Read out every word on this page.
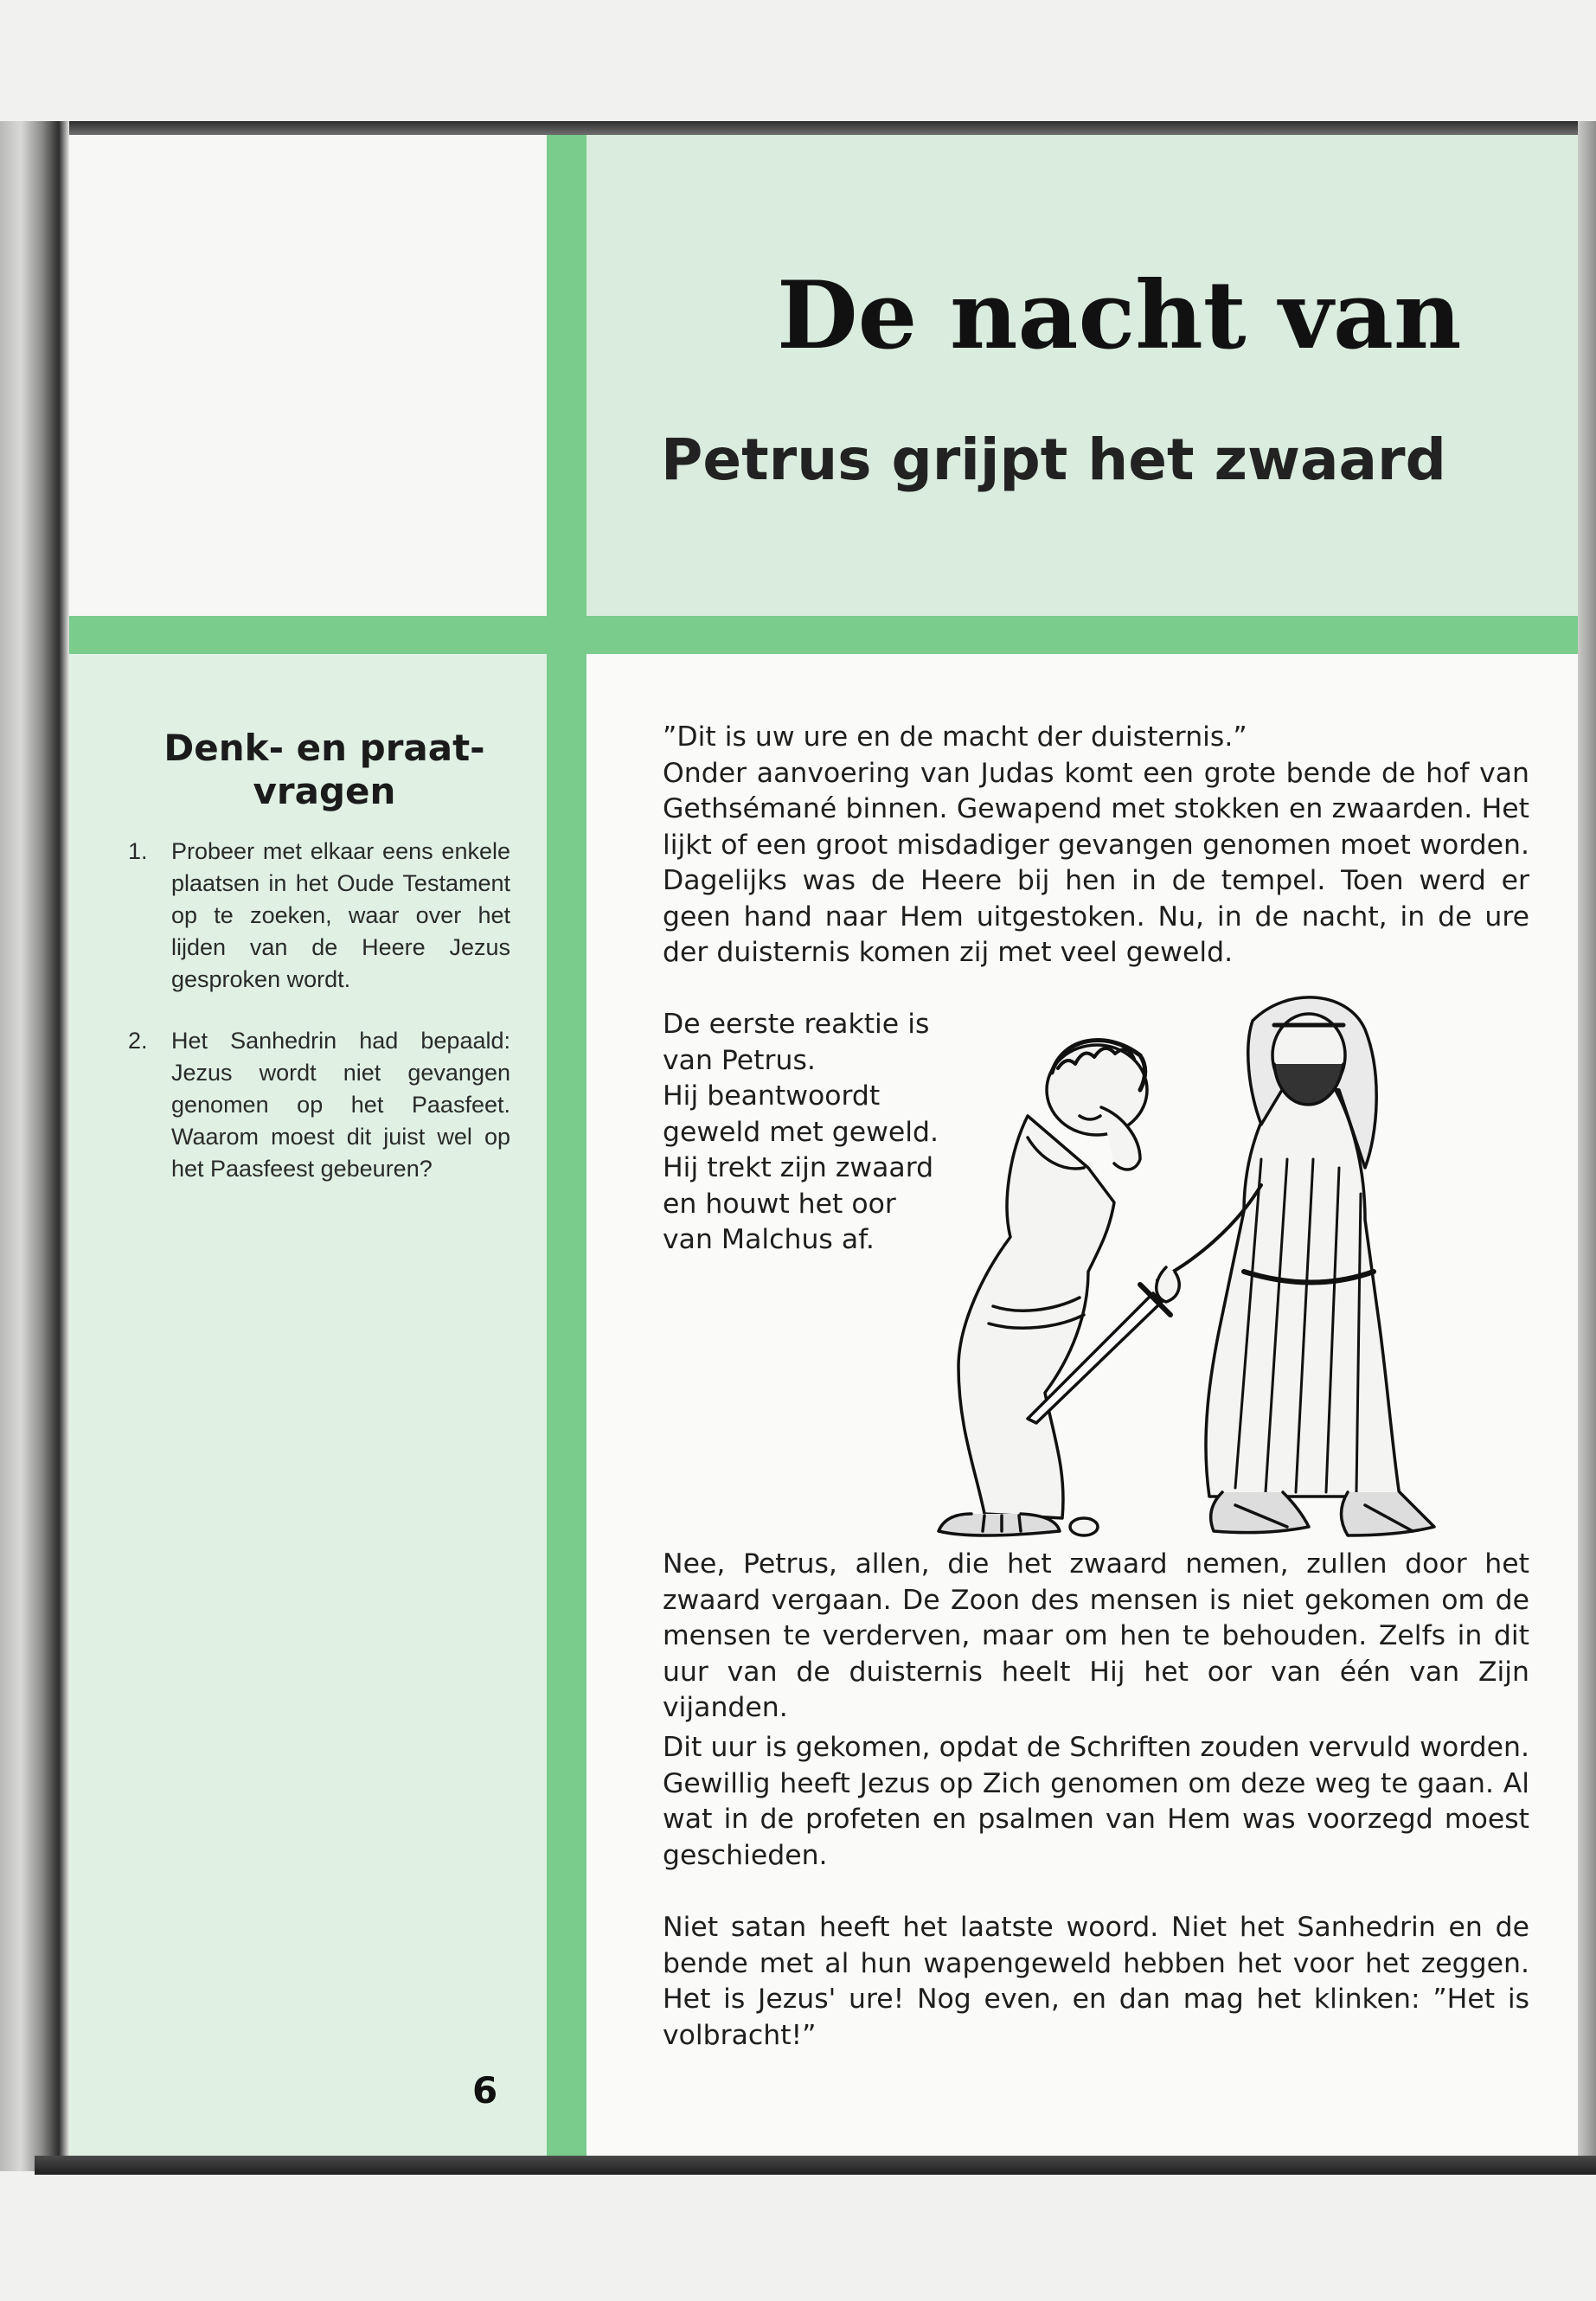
De nacht van
Petrus grijpt het zwaard
Denk- en praat-
vragen
1. Probeer met elkaar eens enkele plaatsen in het Oude Testament op te zoeken, waar over het lijden van de Heere Jezus gesproken wordt.
2. Het Sanhedrin had bepaald: Jezus wordt niet gevangen genomen op het Paasfeet. Waarom moest dit juist wel op het Paasfeest gebeuren?
6

”Dit is uw ure en de macht der duisternis.”
Onder aanvoering van Judas komt een grote bende de hof van Gethsémané binnen. Gewapend met stokken en zwaarden. Het lijkt of een groot misdadiger gevangen genomen moet worden. Dagelijks was de Heere bij hen in de tempel. Toen werd er geen hand naar Hem uitgestoken. Nu, in de nacht, in de ure der duisternis komen zij met veel geweld.

De eerste reaktie is
van Petrus.
Hij beantwoordt
geweld met geweld.
Hij trekt zijn zwaard
en houwt het oor
van Malchus af.

Nee, Petrus, allen, die het zwaard nemen, zullen door het zwaard vergaan. De Zoon des mensen is niet gekomen om de mensen te verderven, maar om hen te behouden. Zelfs in dit uur van de duisternis heelt Hij het oor van één van Zijn vijanden.

Dit uur is gekomen, opdat de Schriften zouden vervuld worden. Gewillig heeft Jezus op Zich genomen om deze weg te gaan. Al wat in de profeten en psalmen van Hem was voorzegd moest geschieden.

Niet satan heeft het laatste woord. Niet het Sanhedrin en de bende met al hun wapengeweld hebben het voor het zeggen. Het is Jezus' ure! Nog even, en dan mag het klinken: ”Het is volbracht!”
